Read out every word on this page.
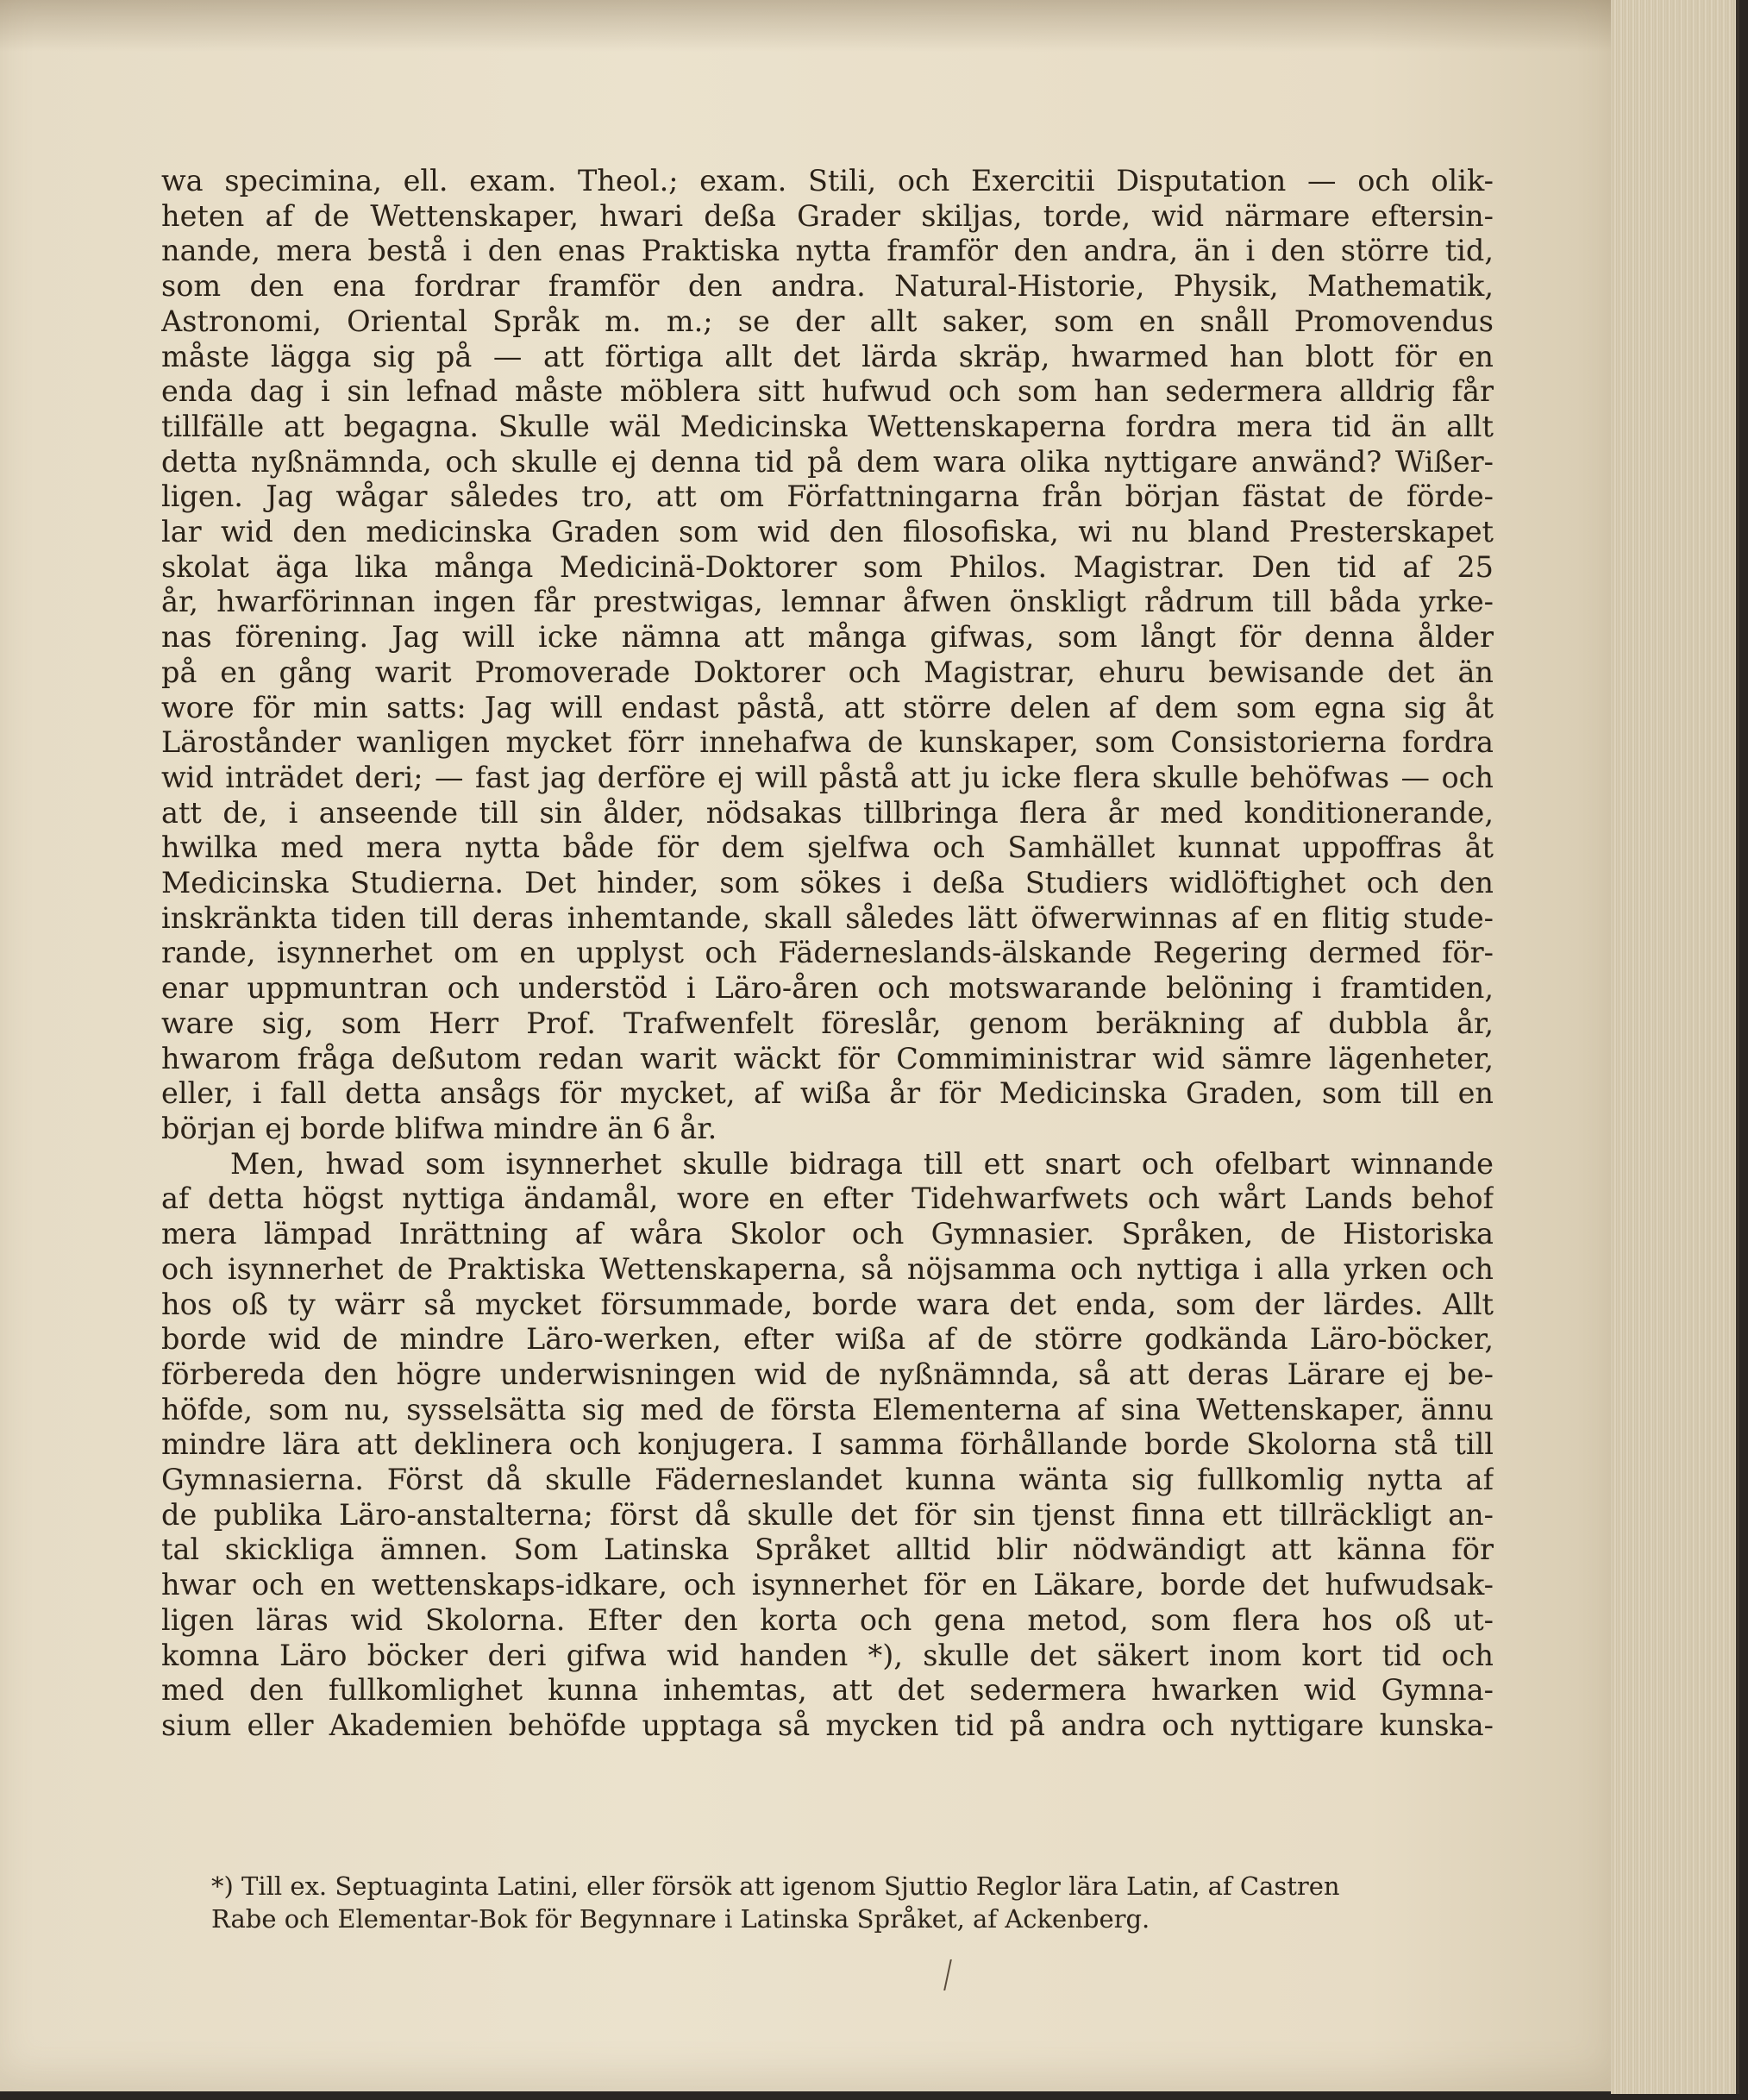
wa specimina, ell. exam. Theol.; exam. Stili, och Exercitii Disputation — och olik-
heten af de Wettenskaper, hwari deßa Grader skiljas, torde, wid närmare eftersin-
nande, mera bestå i den enas Praktiska nytta framför den andra, än i den större tid,
som den ena fordrar framför den andra. Natural-Historie, Physik, Mathematik,
Astronomi, Oriental Språk m. m.; se der allt saker, som en snåll Promovendus
måste lägga sig på — att förtiga allt det lärda skräp, hwarmed han blott för en
enda dag i sin lefnad måste möblera sitt hufwud och som han sedermera alldrig får
tillfälle att begagna. Skulle wäl Medicinska Wettenskaperna fordra mera tid än allt
detta nyßnämnda, och skulle ej denna tid på dem wara olika nyttigare anwänd? Wißer-
ligen. Jag wågar således tro, att om Författningarna från början fästat de förde-
lar wid den medicinska Graden som wid den filosofiska, wi nu bland Presterskapet
skolat äga lika många Medicinä-Doktorer som Philos. Magistrar. Den tid af 25
år, hwarförinnan ingen får prestwigas, lemnar åfwen önskligt rådrum till båda yrke-
nas förening. Jag will icke nämna att många gifwas, som långt för denna ålder
på en gång warit Promoverade Doktorer och Magistrar, ehuru bewisande det än
wore för min satts: Jag will endast påstå, att större delen af dem som egna sig åt
Lärostånder wanligen mycket förr innehafwa de kunskaper, som Consistorierna fordra
wid inträdet deri; — fast jag derföre ej will påstå att ju icke flera skulle behöfwas — och
att de, i anseende till sin ålder, nödsakas tillbringa flera år med konditionerande,
hwilka med mera nytta både för dem sjelfwa och Samhället kunnat uppoffras åt
Medicinska Studierna. Det hinder, som sökes i deßa Studiers widlöftighet och den
inskränkta tiden till deras inhemtande, skall således lätt öfwerwinnas af en flitig stude-
rande, isynnerhet om en upplyst och Fäderneslands-älskande Regering dermed för-
enar uppmuntran och understöd i Läro-åren och motswarande belöning i framtiden,
ware sig, som Herr Prof. Trafwenfelt föreslår, genom beräkning af dubbla år,
hwarom fråga deßutom redan warit wäckt för Commiministrar wid sämre lägenheter,
eller, i fall detta ansågs för mycket, af wißa år för Medicinska Graden, som till en
början ej borde blifwa mindre än 6 år.
Men, hwad som isynnerhet skulle bidraga till ett snart och ofelbart winnande
af detta högst nyttiga ändamål, wore en efter Tidehwarfwets och wårt Lands behof
mera lämpad Inrättning af wåra Skolor och Gymnasier. Språken, de Historiska
och isynnerhet de Praktiska Wettenskaperna, så nöjsamma och nyttiga i alla yrken och
hos oß ty wärr så mycket försummade, borde wara det enda, som der lärdes. Allt
borde wid de mindre Läro-werken, efter wißa af de större godkända Läro-böcker,
förbereda den högre underwisningen wid de nyßnämnda, så att deras Lärare ej be-
höfde, som nu, sysselsätta sig med de första Elementerna af sina Wettenskaper, ännu
mindre lära att deklinera och konjugera. I samma förhållande borde Skolorna stå till
Gymnasierna. Först då skulle Fäderneslandet kunna wänta sig fullkomlig nytta af
de publika Läro-anstalterna; först då skulle det för sin tjenst finna ett tillräckligt an-
tal skickliga ämnen. Som Latinska Språket alltid blir nödwändigt att känna för
hwar och en wettenskaps-idkare, och isynnerhet för en Läkare, borde det hufwudsak-
ligen läras wid Skolorna. Efter den korta och gena metod, som flera hos oß ut-
komna Läro böcker deri gifwa wid handen *), skulle det säkert inom kort tid och
med den fullkomlighet kunna inhemtas, att det sedermera hwarken wid Gymna-
sium eller Akademien behöfde upptaga så mycken tid på andra och nyttigare kunska-
*) Till ex. Septuaginta Latini, eller försök att igenom Sjuttio Reglor lära Latin, af Castren
Rabe och Elementar-Bok för Begynnare i Latinska Språket, af Ackenberg.
